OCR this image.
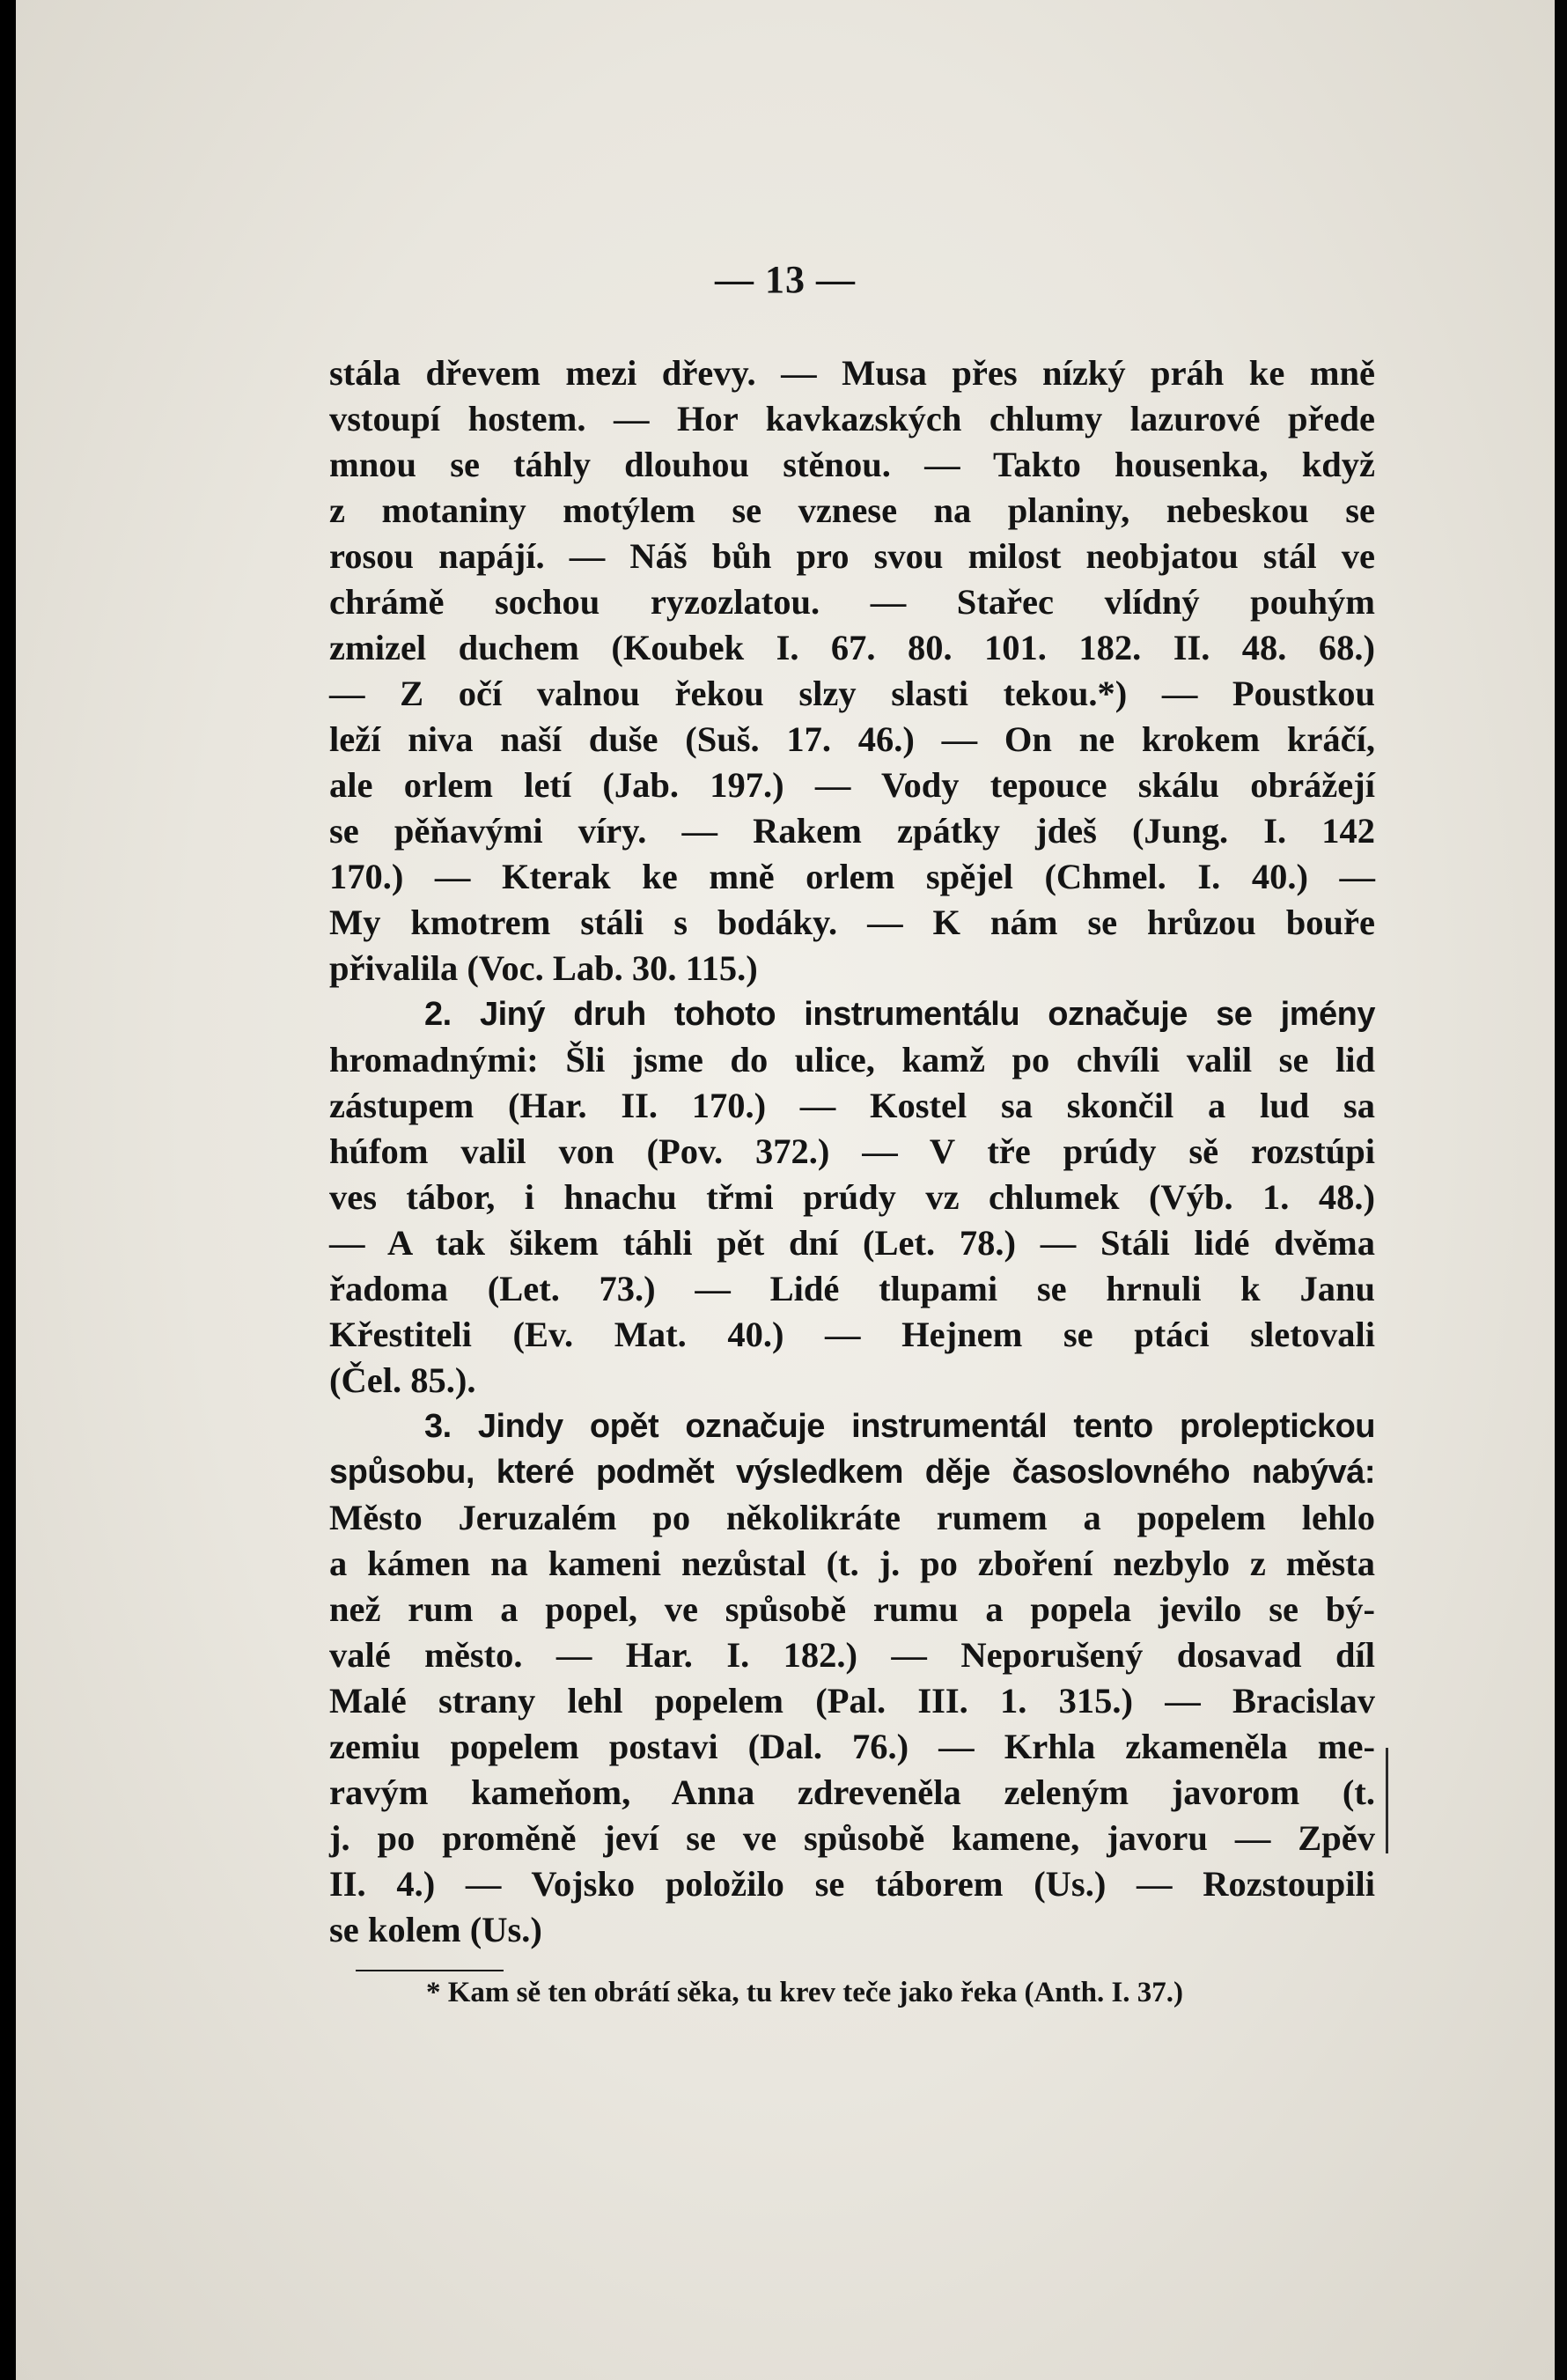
— 13 —
stála dřevem mezi dřevy. — Musa přes nízký práh ke mně
vstoupí hostem. — Hor kavkazských chlumy lazurové přede
mnou se táhly dlouhou stěnou. — Takto housenka, když
z motaniny motýlem se vznese na planiny, nebeskou se
rosou napájí. — Náš bůh pro svou milost neobjatou stál ve
chrámě sochou ryzozlatou. — Stařec vlídný pouhým
zmizel duchem (Koubek I. 67. 80. 101. 182. II. 48. 68.)
— Z očí valnou řekou slzy slasti tekou.*) — Poustkou
leží niva naší duše (Suš. 17. 46.) — On ne krokem kráčí,
ale orlem letí (Jab. 197.) — Vody tepouce skálu obrážejí
se pěňavými víry. — Rakem zpátky jdeš (Jung. I. 142
170.) — Kterak ke mně orlem spějel (Chmel. I. 40.) —
My kmotrem stáli s bodáky. — K nám se hrůzou bouře
přivalila (Voc. Lab. 30. 115.)
2. Jiný druh tohoto instrumentálu označuje se jmény
hromadnými: Šli jsme do ulice, kamž po chvíli valil se lid
zástupem (Har. II. 170.) — Kostel sa skončil a lud sa
húfom valil von (Pov. 372.) — V tře prúdy sě rozstúpi
ves tábor, i hnachu třmi prúdy vz chlumek (Výb. 1. 48.)
— A tak šikem táhli pět dní (Let. 78.) — Stáli lidé dvěma
řadoma (Let. 73.) — Lidé tlupami se hrnuli k Janu
Křestiteli (Ev. Mat. 40.) — Hejnem se ptáci sletovali
(Čel. 85.).
3. Jindy opět označuje instrumentál tento proleptickou
spůsobu, které podmět výsledkem děje časoslovného nabývá:
Město Jeruzalém po několikráte rumem a popelem lehlo
a kámen na kameni nezůstal (t. j. po zboření nezbylo z města
než rum a popel, ve spůsobě rumu a popela jevilo se bý-
valé město. — Har. I. 182.) — Neporušený dosavad díl
Malé strany lehl popelem (Pal. III. 1. 315.) — Bracislav
zemiu popelem postavi (Dal. 76.) — Krhla zkameněla me-
ravým kameňom, Anna zdreveněla zeleným javorom (t.
j. po proměně jeví se ve spůsobě kamene, javoru — Zpěv
II. 4.) — Vojsko položilo se táborem (Us.) — Rozstoupili
se kolem (Us.)
* Kam sě ten obrátí sěka, tu krev teče jako řeka (Anth. I. 37.)
